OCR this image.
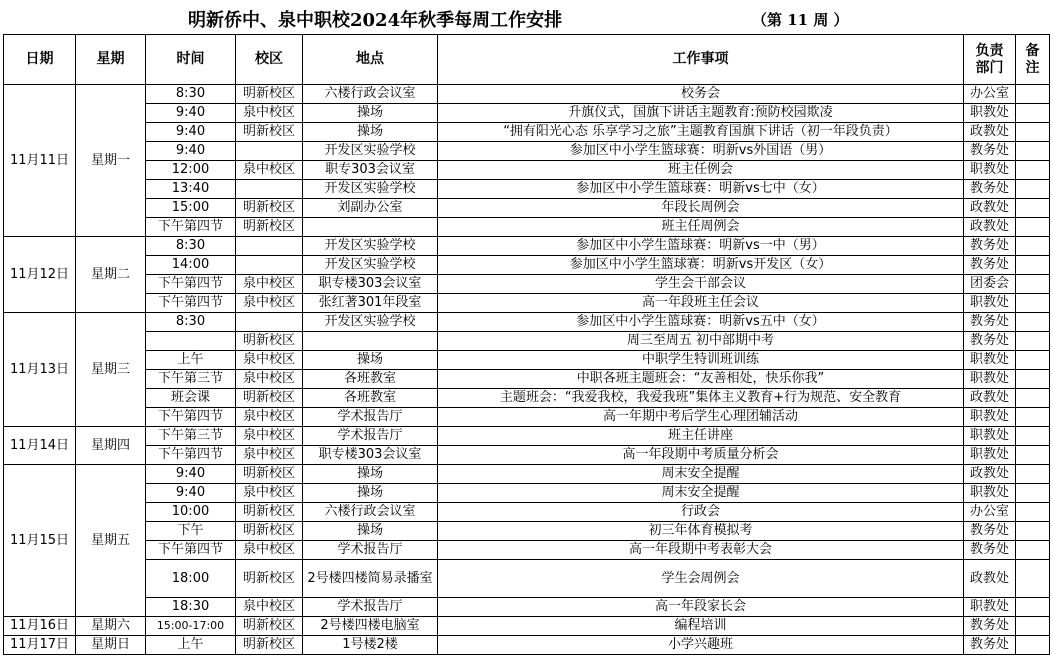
明新侨中、泉中职校2024年秋季每周工作安排	（第 11 周 ）
日期	星期	时间	校区	地点	工作事项	负责部门	备注
11月11日	星期一	8:30	明新校区	六楼行政会议室	校务会	办公室	
		9:40	泉中校区	操场	升旗仪式，国旗下讲话主题教育:预防校园欺凌	职教处	
		9:40	明新校区	操场	“拥有阳光心态 乐享学习之旅”主题教育国旗下讲话（初一年段负责）	政教处	
		9:40		开发区实验学校	参加区中小学生篮球赛：明新vs外国语（男）	教务处	
		12:00	泉中校区	职专303会议室	班主任例会	职教处	
		13:40		开发区实验学校	参加区中小学生篮球赛：明新vs七中（女）	教务处	
		15:00	明新校区	刘副办公室	年段长周例会	政教处	
		下午第四节	明新校区		班主任周例会	政教处	
11月12日	星期二	8:30		开发区实验学校	参加区中小学生篮球赛：明新vs一中（男）	教务处	
		14:00		开发区实验学校	参加区中小学生篮球赛：明新vs开发区（女）	教务处	
		下午第四节	泉中校区	职专楼303会议室	学生会干部会议	团委会	
		下午第四节	泉中校区	张红著301年段室	高一年段班主任会议	职教处	
11月13日	星期三	8:30		开发区实验学校	参加区中小学生篮球赛：明新vs五中（女）	教务处	
			明新校区		周三至周五 初中部期中考	教务处	
		上午	泉中校区	操场	中职学生特训班训练	职教处	
		下午第三节	泉中校区	各班教室	中职各班主题班会：“友善相处，快乐你我”	职教处	
		班会课	明新校区	各班教室	主题班会：“我爱我校，我爱我班”集体主义教育+行为规范、安全教育	政教处	
		下午第四节	泉中校区	学术报告厅	高一年期中考后学生心理团辅活动	职教处	
11月14日	星期四	下午第三节	泉中校区	学术报告厅	班主任讲座	职教处	
		下午第四节	泉中校区	职专楼303会议室	高一年段期中考质量分析会	职教处	
11月15日	星期五	9:40	明新校区	操场	周末安全提醒	政教处	
		9:40	泉中校区	操场	周末安全提醒	职教处	
		10:00	明新校区	六楼行政会议室	行政会	办公室	
		下午	明新校区	操场	初三年体育模拟考	教务处	
		下午第四节	泉中校区	学术报告厅	高一年段期中考表彰大会	教务处	
		18:00	明新校区	2号楼四楼简易录播室	学生会周例会	政教处	
		18:30	泉中校区	学术报告厅	高一年段家长会	职教处	
11月16日	星期六	15:00-17:00	明新校区	2号楼四楼电脑室	编程培训	教务处	
11月17日	星期日	上午	明新校区	1号楼2楼	小学兴趣班	教务处	
